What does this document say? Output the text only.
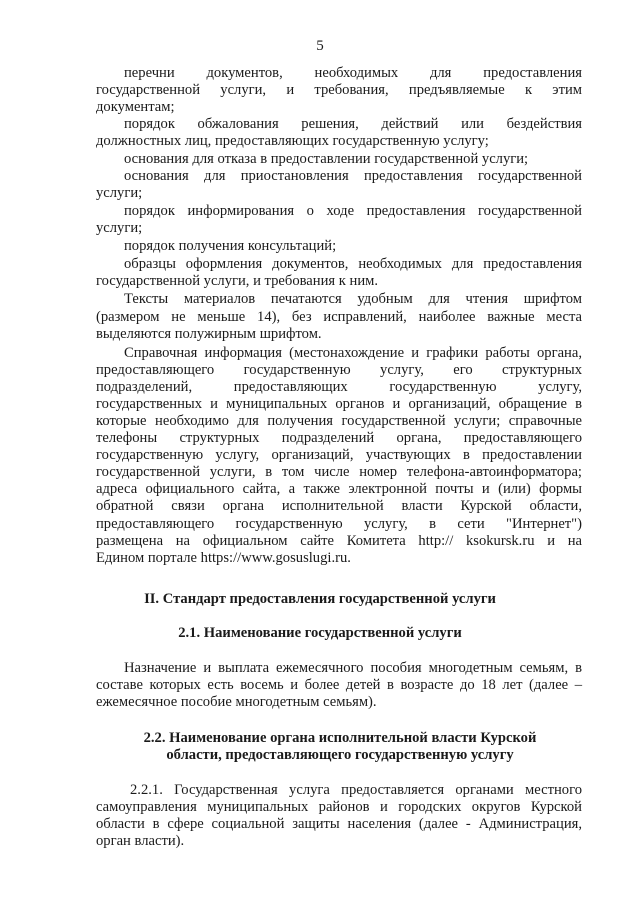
5
перечни документов, необходимых для предоставления
государственной услуги, и требования, предъявляемые к этим
документам;
порядок обжалования решения, действий или бездействия
должностных лиц, предоставляющих государственную услугу;
основания для отказа в предоставлении государственной услуги;
основания для приостановления предоставления государственной
услуги;
порядок информирования о ходе предоставления государственной
услуги;
порядок получения консультаций;
образцы оформления документов, необходимых для предоставления
государственной услуги, и требования к ним.
Тексты материалов печатаются удобным для чтения шрифтом
(размером не меньше 14), без исправлений, наиболее важные места
выделяются полужирным шрифтом.
Справочная информация (местонахождение и графики работы органа,
предоставляющего государственную услугу, его структурных
подразделений, предоставляющих государственную услугу,
государственных и муниципальных органов и организаций, обращение в
которые необходимо для получения государственной услуги; справочные
телефоны структурных подразделений органа, предоставляющего
государственную услугу, организаций, участвующих в предоставлении
государственной услуги, в том числе номер телефона-автоинформатора;
адреса официального сайта, а также электронной почты и (или) формы
обратной связи органа исполнительной власти Курской области,
предоставляющего государственную услугу, в сети "Интернет")
размещена на официальном сайте Комитета http:// ksokursk.ru и на
Едином портале https://www.gosuslugi.ru.
II. Стандарт предоставления государственной услуги
2.1. Наименование государственной услуги
Назначение и выплата ежемесячного пособия многодетным семьям, в
составе которых есть восемь и более детей в возрасте до 18 лет (далее –
ежемесячное пособие многодетным семьям).
2.2. Наименование органа исполнительной власти Курской
области, предоставляющего государственную услугу
2.2.1. Государственная услуга предоставляется органами местного
самоуправления муниципальных районов и городских округов Курской
области в сфере социальной защиты населения (далее - Администрация,
орган власти).
